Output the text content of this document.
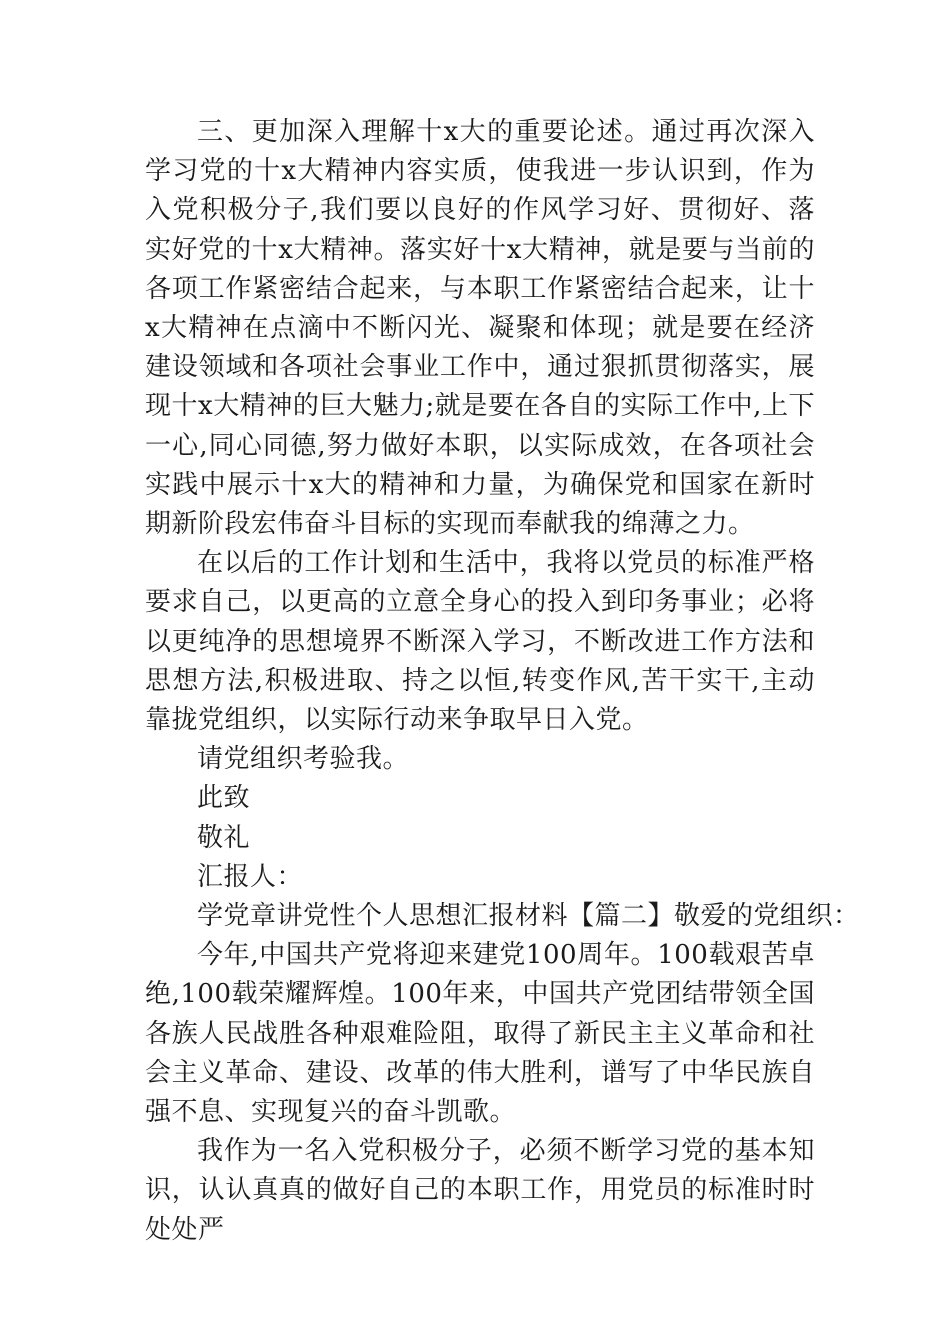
三、更加深入理解十x大的重要论述。通过再次深入学习党的十x大精神内容实质，使我进一步认识到，作为入党积极分子,我们要以良好的作风学习好、贯彻好、落实好党的十x大精神。落实好十x大精神，就是要与当前的各项工作紧密结合起来，与本职工作紧密结合起来，让十x大精神在点滴中不断闪光、凝聚和体现；就是要在经济建设领域和各项社会事业工作中，通过狠抓贯彻落实，展现十x大精神的巨大魅力;就是要在各自的实际工作中,上下一心,同心同德,努力做好本职，以实际成效，在各项社会实践中展示十x大的精神和力量，为确保党和国家在新时期新阶段宏伟奋斗目标的实现而奉献我的绵薄之力。

在以后的工作计划和生活中，我将以党员的标准严格要求自己，以更高的立意全身心的投入到印务事业；必将以更纯净的思想境界不断深入学习，不断改进工作方法和思想方法,积极进取、持之以恒,转变作风,苦干实干,主动靠拢党组织，以实际行动来争取早日入党。

请党组织考验我。

此致

敬礼

汇报人：

学党章讲党性个人思想汇报材料【篇二】敬爱的党组织：

今年,中国共产党将迎来建党100周年。100载艰苦卓绝,100载荣耀辉煌。100年来，中国共产党团结带领全国各族人民战胜各种艰难险阻，取得了新民主主义革命和社会主义革命、建设、改革的伟大胜利，谱写了中华民族自强不息、实现复兴的奋斗凯歌。

我作为一名入党积极分子，必须不断学习党的基本知识，认认真真的做好自己的本职工作，用党员的标准时时处处严
